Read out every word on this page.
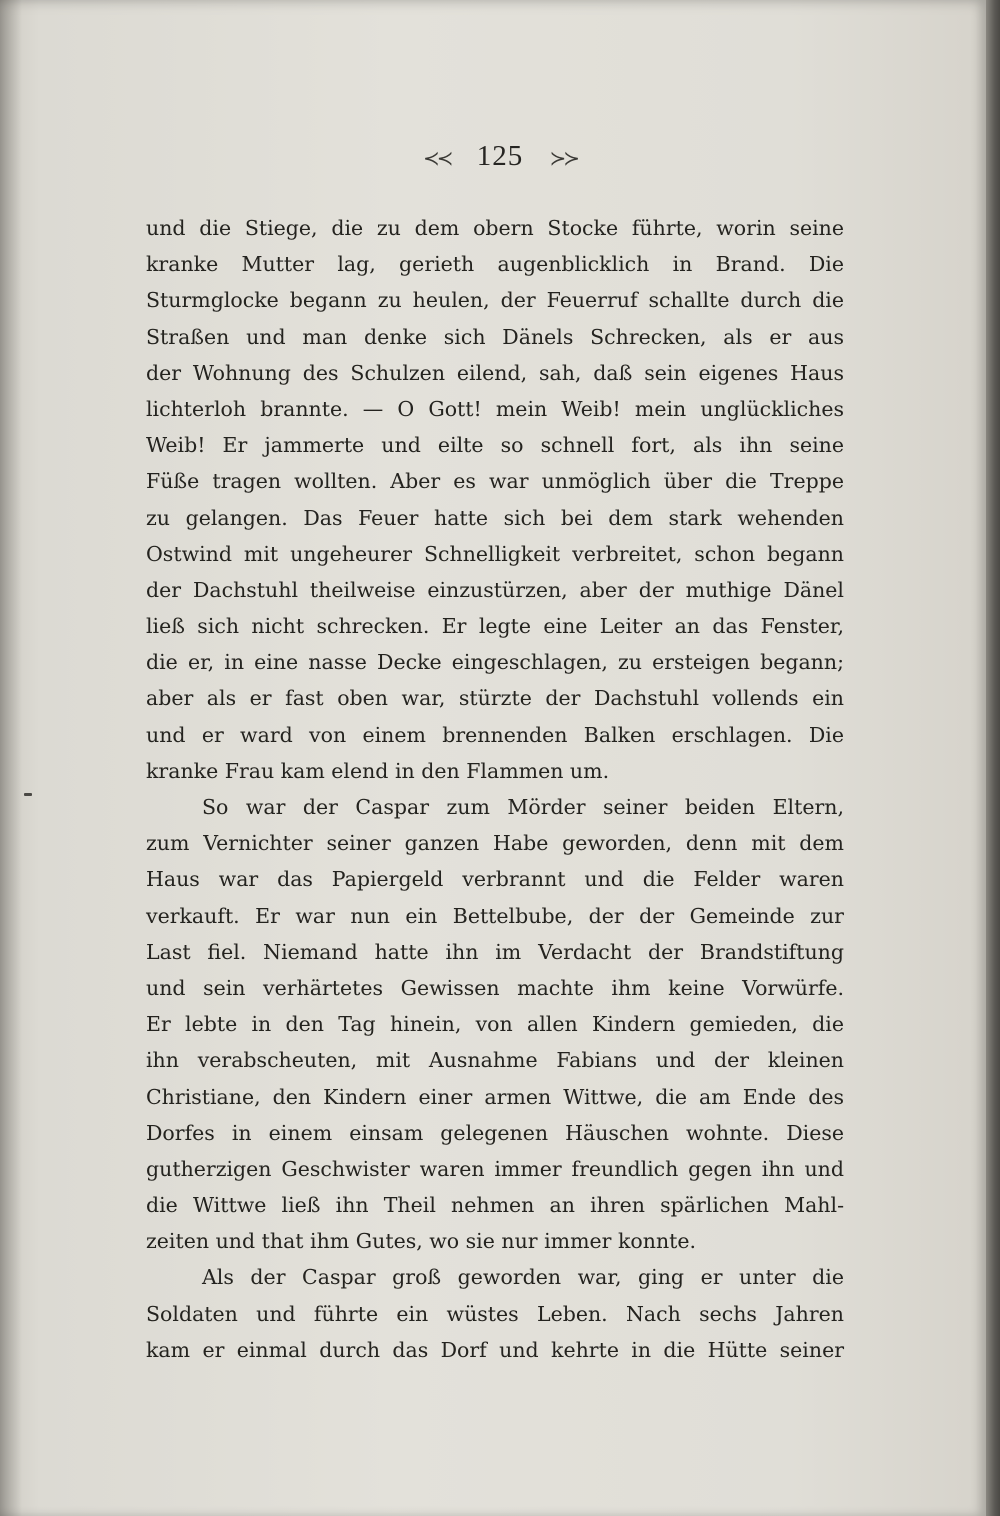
≺≺ 125 ≻≻
und die Stiege, die zu dem obern Stocke führte, worin seine
kranke Mutter lag, gerieth augenblicklich in Brand. Die
Sturmglocke begann zu heulen, der Feuerruf schallte durch die
Straßen und man denke sich Dänels Schrecken, als er aus
der Wohnung des Schulzen eilend, sah, daß sein eigenes Haus
lichterloh brannte. — O Gott! mein Weib! mein unglückliches
Weib! Er jammerte und eilte so schnell fort, als ihn seine
Füße tragen wollten. Aber es war unmöglich über die Treppe
zu gelangen. Das Feuer hatte sich bei dem stark wehenden
Ostwind mit ungeheurer Schnelligkeit verbreitet, schon begann
der Dachstuhl theilweise einzustürzen, aber der muthige Dänel
ließ sich nicht schrecken. Er legte eine Leiter an das Fenster,
die er, in eine nasse Decke eingeschlagen, zu ersteigen begann;
aber als er fast oben war, stürzte der Dachstuhl vollends ein
und er ward von einem brennenden Balken erschlagen. Die
kranke Frau kam elend in den Flammen um.
So war der Caspar zum Mörder seiner beiden Eltern,
zum Vernichter seiner ganzen Habe geworden, denn mit dem
Haus war das Papiergeld verbrannt und die Felder waren
verkauft. Er war nun ein Bettelbube, der der Gemeinde zur
Last fiel. Niemand hatte ihn im Verdacht der Brandstiftung
und sein verhärtetes Gewissen machte ihm keine Vorwürfe.
Er lebte in den Tag hinein, von allen Kindern gemieden, die
ihn verabscheuten, mit Ausnahme Fabians und der kleinen
Christiane, den Kindern einer armen Wittwe, die am Ende des
Dorfes in einem einsam gelegenen Häuschen wohnte. Diese
gutherzigen Geschwister waren immer freundlich gegen ihn und
die Wittwe ließ ihn Theil nehmen an ihren spärlichen Mahl-
zeiten und that ihm Gutes, wo sie nur immer konnte.
Als der Caspar groß geworden war, ging er unter die
Soldaten und führte ein wüstes Leben. Nach sechs Jahren
kam er einmal durch das Dorf und kehrte in die Hütte seiner
